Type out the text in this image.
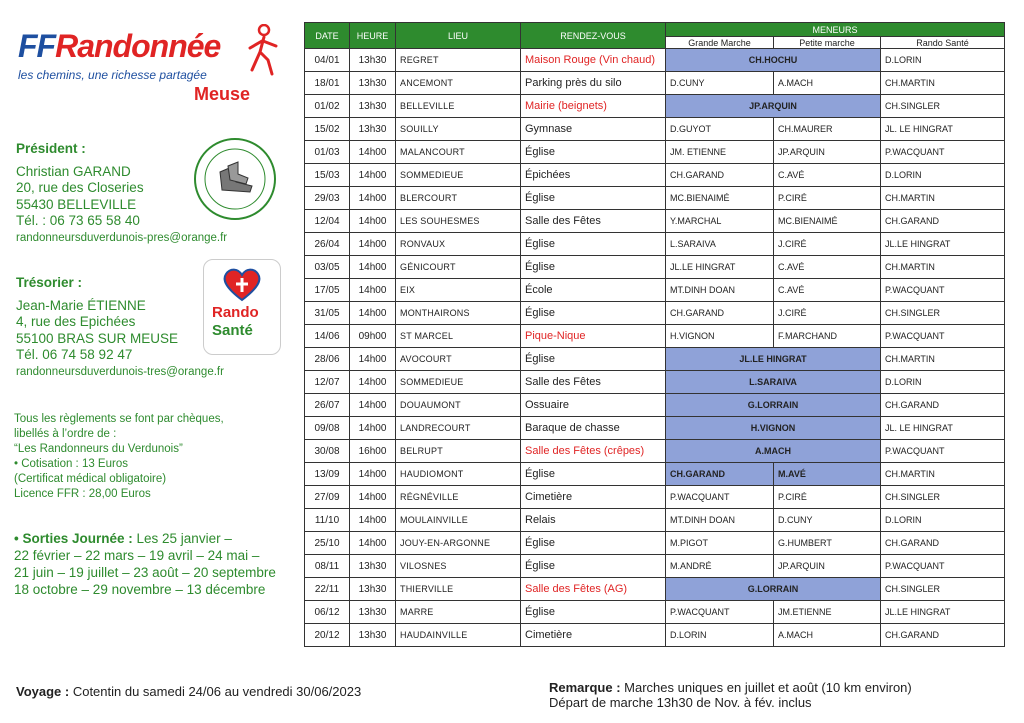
FFRandonnée
les chemins, une richesse partagée
Meuse
Président :
Christian GARAND
20, rue des Closeries
55430 BELLEVILLE
Tél. : 06 73 65 58 40
randonneursduverdunois-pres@orange.fr
Rando
Santé
Trésorier :
Jean-Marie ÉTIENNE
4, rue des Epichées
55100 BRAS SUR MEUSE
Tél. 06 74 58 92 47
randonneursduverdunois-tres@orange.fr
Tous les règlements se font par chèques,
libellés à l’ordre de :
“Les Randonneurs du Verdunois”
• Cotisation : 13 Euros
(Certificat médical obligatoire)
Licence FFR : 28,00 Euros
• Sorties Journée : Les 25 janvier –
22 février – 22 mars – 19 avril – 24 mai –
21 juin – 19 juillet – 23 août – 20 septembre
18 octobre – 29 novembre – 13 décembre
Voyage : Cotentin du samedi 24/06 au vendredi 30/06/2023	Remarque : Marches uniques en juillet et août (10 km environ)
Départ de marche 13h30 de Nov. à fév. inclus
DATE	HEURE	LIEU	RENDEZ-VOUS	MENEURS		
				Grande Marche	Petite marche	Rando Santé
04/01	13h30	REGRET	Maison Rouge (Vin chaud)	CH.HOCHU		D.LORIN
18/01	13h30	ANCEMONT	Parking près du silo	D.CUNY	A.MACH	CH.MARTIN
01/02	13h30	BELLEVILLE	Mairie (beignets)	JP.ARQUIN		CH.SINGLER
15/02	13h30	SOUILLY	Gymnase	D.GUYOT	CH.MAURER	JL. LE HINGRAT
01/03	14h00	MALANCOURT	Église	JM. ETIENNE	JP.ARQUIN	P.WACQUANT
15/03	14h00	SOMMEDIEUE	Épichées	CH.GARAND	C.AVÉ	D.LORIN
29/03	14h00	BLERCOURT	Église	MC.BIENAIMÉ	P.CIRÉ	CH.MARTIN
12/04	14h00	LES SOUHESMES	Salle des Fêtes	Y.MARCHAL	MC.BIENAIMÉ	CH.GARAND
26/04	14h00	RONVAUX	Église	L.SARAIVA	J.CIRÉ	JL.LE HINGRAT
03/05	14h00	GÉNICOURT	Église	JL.LE HINGRAT	C.AVÉ	CH.MARTIN
17/05	14h00	EIX	École	MT.DINH DOAN	C.AVÉ	P.WACQUANT
31/05	14h00	MONTHAIRONS	Église	CH.GARAND	J.CIRÉ	CH.SINGLER
14/06	09h00	ST MARCEL	Pique-Nique	H.VIGNON	F.MARCHAND	P.WACQUANT
28/06	14h00	AVOCOURT	Église	JL.LE HINGRAT		CH.MARTIN
12/07	14h00	SOMMEDIEUE	Salle des Fêtes	L.SARAIVA		D.LORIN
26/07	14h00	DOUAUMONT	Ossuaire	G.LORRAIN		CH.GARAND
09/08	14h00	LANDRECOURT	Baraque de chasse	H.VIGNON		JL. LE HINGRAT
30/08	16h00	BELRUPT	Salle des Fêtes (crêpes)	A.MACH		P.WACQUANT
13/09	14h00	HAUDIOMONT	Église	CH.GARAND	M.AVÉ	CH.MARTIN
27/09	14h00	RÉGNÉVILLE	Cimetière	P.WACQUANT	P.CIRÉ	CH.SINGLER
11/10	14h00	MOULAINVILLE	Relais	MT.DINH DOAN	D.CUNY	D.LORIN
25/10	14h00	JOUY-EN-ARGONNE	Église	M.PIGOT	G.HUMBERT	CH.GARAND
08/11	13h30	VILOSNES	Église	M.ANDRÉ	JP.ARQUIN	P.WACQUANT
22/11	13h30	THIERVILLE	Salle des Fêtes (AG)	G.LORRAIN		CH.SINGLER
06/12	13h30	MARRE	Église	P.WACQUANT	JM.ETIENNE	JL.LE HINGRAT
20/12	13h30	HAUDAINVILLE	Cimetière	D.LORIN	A.MACH	CH.GARAND
